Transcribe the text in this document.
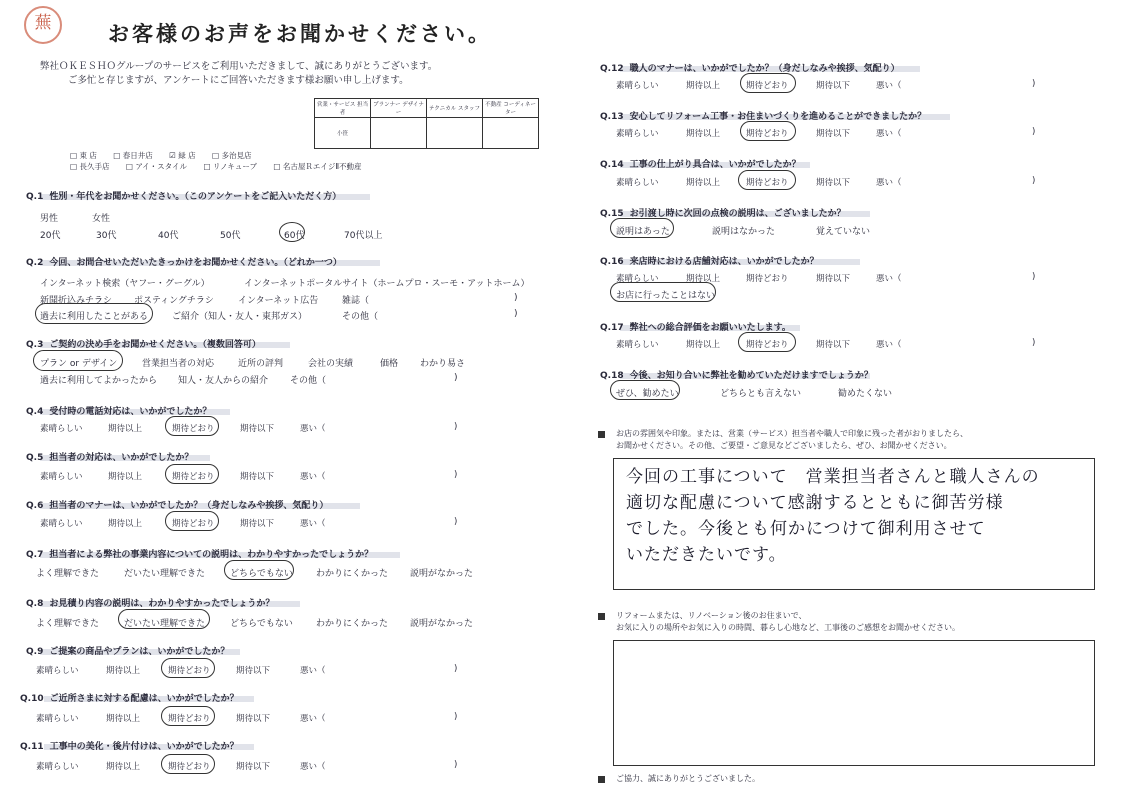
蕪	お客様のお声をお聞かせください。
弊社ＯＫＥＳＨＯグループのサービスをご利用いただきまして、誠にありがとうございます。
ご多忙と存じますが、アンケートにご回答いただきます様お願い申し上げます。
営業・サービス 担当者	プランナー デザイナー	テクニカル スタッフ	不動産 コーディネーター
小笹			
□ 東 店 □ 春日井店 ☑ 緑 店 □ 多治見店
□ 長久手店 □ アイ・スタイル □ リノキューブ □ 名古屋ＲエイジⅡ不動産
Q.1 性別・年代をお聞かせください。（このアンケートをご記入いただく方）
男性	女性
20代	30代	40代	50代	60代	70代以上
Q.2 今回、お問合せいただいたきっかけをお聞かせください。（どれか一つ）
インターネット検索（ヤフー・グーグル）	インターネットポータルサイト（ホームプロ・スーモ・アットホーム）
新聞折込みチラシ ポスティングチラシ	インターネット広告	雑誌（	)
過去に利用したことがある	ご紹介（知人・友人・東邦ガス）	その他（	)
Q.3 ご契約の決め手をお聞かせください。（複数回答可）
プラン or デザイン	営業担当者の対応	近所の評判	会社の実績	価格 わかり易さ
過去に利用してよかったから 知人・友人からの紹介 その他（	)
Q.4 受付時の電話対応は、いかがでしたか？
素晴らしい	期待以上	期待どおり	期待以下	悪い（	)
Q.5 担当者の対応は、いかがでしたか？
素晴らしい	期待以上	期待どおり	期待以下	悪い（	)
Q.6 担当者のマナーは、いかがでしたか？（身だしなみや挨拶、気配り）
素晴らしい	期待以上	期待どおり	期待以下	悪い（	)
Q.7 担当者による弊社の事業内容についての説明は、わかりやすかったでしょうか？
よく理解できた	だいたい理解できた	どちらでもない	わかりにくかった 説明がなかった
Q.8 お見積り内容の説明は、わかりやすかったでしょうか？
よく理解できた	だいたい理解できた	どちらでもない	わかりにくかった 説明がなかった
Q.9 ご提案の商品やプランは、いかがでしたか？
素晴らしい	期待以上	期待どおり	期待以下	悪い（	)
Q.10 ご近所さまに対する配慮は、いかがでしたか？
素晴らしい	期待以上	期待どおり	期待以下	悪い（	)
Q.11 工事中の美化・後片付けは、いかがでしたか？
素晴らしい	期待以上	期待どおり	期待以下	悪い（	)
Q.12 職人のマナーは、いかがでしたか？（身だしなみや挨拶、気配り）
素晴らしい	期待以上	期待どおり	期待以下	悪い（	)
Q.13 安心してリフォーム工事・お住まいづくりを進めることができましたか？
素晴らしい	期待以上	期待どおり	期待以下	悪い（	)
Q.14 工事の仕上がり具合は、いかがでしたか？
素晴らしい	期待以上	期待どおり	期待以下	悪い（	)
Q.15 お引渡し時に次回の点検の説明は、ございましたか？
説明はあった	説明はなかった	覚えていない
Q.16 来店時における店舗対応は、いかがでしたか？
素晴らしい	期待以上	期待どおり	期待以下	悪い（	)
お店に行ったことはない
Q.17 弊社への総合評価をお願いいたします。
素晴らしい	期待以上	期待どおり	期待以下	悪い（	)
Q.18 今後、お知り合いに弊社を勧めていただけますでしょうか？
ぜひ、勧めたい	どちらとも言えない	勧めたくない
お店の雰囲気や印象。または、営業（サービス）担当者や職人で印象に残った者がおりましたら、
お聞かせください。その他、ご要望・ご意見などございましたら、ぜひ、お聞かせください。
今回の工事について　営業担当者さんと職人さんの
適切な配慮について感謝するとともに御苦労様
でした。今後とも何かにつけて御利用させて
いただきたいです。
リフォームまたは、リノベーション後のお住まいで、
お気に入りの場所やお気に入りの時間、暮らし心地など、工事後のご感想をお聞かせください。
ご協力、誠にありがとうございました。
